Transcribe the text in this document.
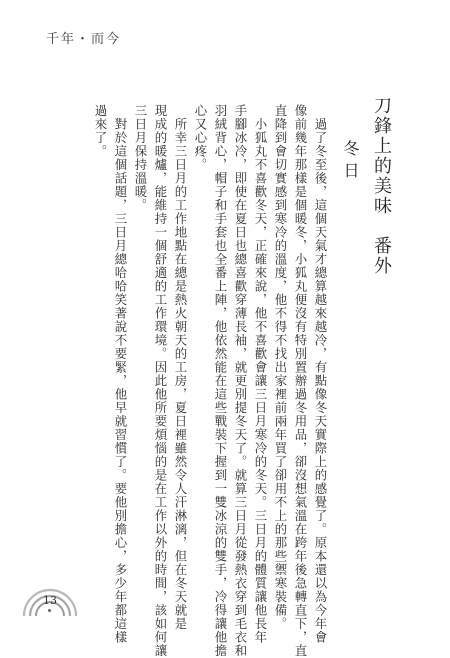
千年・而今
刀鋒上的美味　番外
冬日
　過了冬至後，這個天氣才總算越來越冷，有點像冬天實際上的感覺了。原本還以為今年會
像前幾年那樣是個暖冬，小狐丸便沒有特別置辦過冬用品，卻沒想氣溫在跨年後急轉直下，直
直降到會切實感到寒冷的溫度，他不得不找出家裡前兩年買了卻用不上的那些禦寒裝備。
　小狐丸不喜歡冬天，正確來說，他不喜歡會讓三日月寒冷的冬天。三日月的體質讓他長年
手腳冰冷，即使在夏日也總喜歡穿薄長袖，就更別提冬天了。就算三日月從發熱衣穿到毛衣和
羽絨背心，帽子和手套也全番上陣，他依然能在這些戰裝下握到一雙冰涼的雙手，冷得讓他擔
心又心疼。
　所幸三日月的工作地點在總是熱火朝天的工房，夏日裡雖然令人汗淋漓，但在冬天就是
現成的暖爐，能維持一個舒適的工作環境。因此他所要煩惱的是在工作以外的時間，該如何讓
三日月保持溫暖。
　對於這個話題，三日月總哈哈笑著說不要緊，他早就習慣了。要他別擔心，多少年都這樣
過來了。
13
